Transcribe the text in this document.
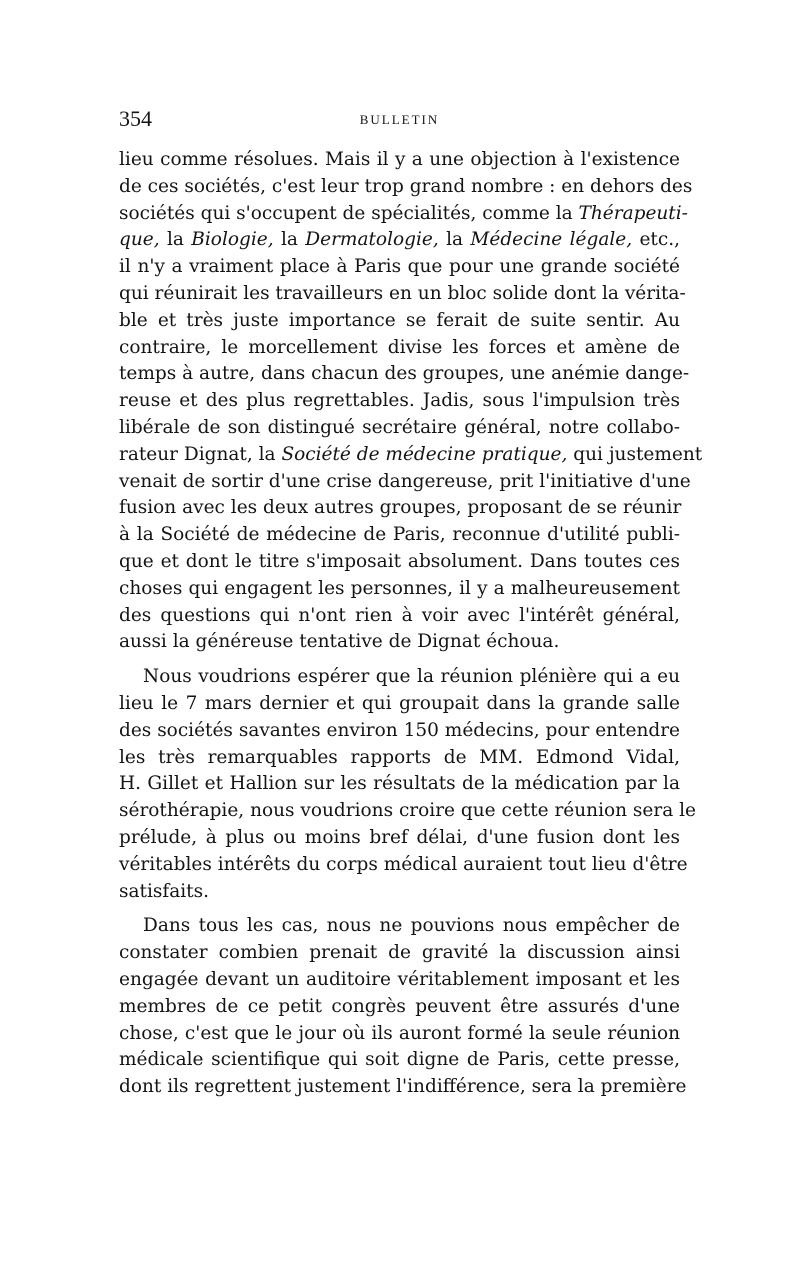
354	BULLETIN
lieu comme résolues. Mais il y a une objection à l'existence
de ces sociétés, c'est leur trop grand nombre : en dehors des
sociétés qui s'occupent de spécialités, comme la Thérapeuti-
que, la Biologie, la Dermatologie, la Médecine légale, etc.,
il n'y a vraiment place à Paris que pour une grande société
qui réunirait les travailleurs en un bloc solide dont la vérita-
ble et très juste importance se ferait de suite sentir. Au
contraire, le morcellement divise les forces et amène de
temps à autre, dans chacun des groupes, une anémie dange-
reuse et des plus regrettables. Jadis, sous l'impulsion très
libérale de son distingué secrétaire général, notre collabo-
rateur Dignat, la Société de médecine pratique, qui justement
venait de sortir d'une crise dangereuse, prit l'initiative d'une
fusion avec les deux autres groupes, proposant de se réunir
à la Société de médecine de Paris, reconnue d'utilité publi-
que et dont le titre s'imposait absolument. Dans toutes ces
choses qui engagent les personnes, il y a malheureusement
des questions qui n'ont rien à voir avec l'intérêt général,
aussi la généreuse tentative de Dignat échoua.
Nous voudrions espérer que la réunion plénière qui a eu
lieu le 7 mars dernier et qui groupait dans la grande salle
des sociétés savantes environ 150 médecins, pour entendre
les très remarquables rapports de MM. Edmond Vidal,
H. Gillet et Hallion sur les résultats de la médication par la
sérothérapie, nous voudrions croire que cette réunion sera le
prélude, à plus ou moins bref délai, d'une fusion dont les
véritables intérêts du corps médical auraient tout lieu d'être
satisfaits.
Dans tous les cas, nous ne pouvions nous empêcher de
constater combien prenait de gravité la discussion ainsi
engagée devant un auditoire véritablement imposant et les
membres de ce petit congrès peuvent être assurés d'une
chose, c'est que le jour où ils auront formé la seule réunion
médicale scientifique qui soit digne de Paris, cette presse,
dont ils regrettent justement l'indifférence, sera la première
